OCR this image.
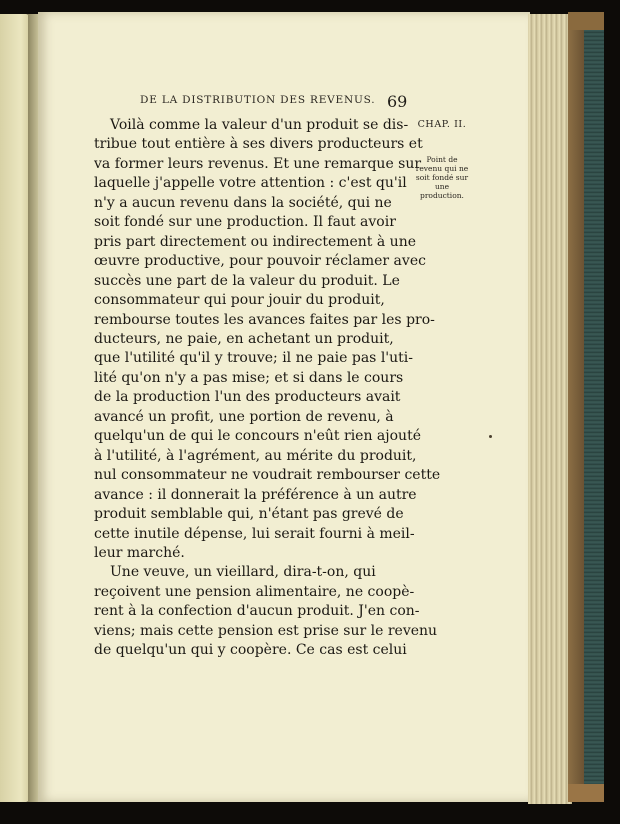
DE LA DISTRIBUTION DES REVENUS. 69
Voilà comme la valeur d'un produit se dis-
tribue tout entière à ses divers producteurs et
va former leurs revenus. Et une remarque sur
laquelle j'appelle votre attention : c'est qu'il
n'y a aucun revenu dans la société, qui ne
soit fondé sur une production. Il faut avoir
pris part directement ou indirectement à une
œuvre productive, pour pouvoir réclamer avec
succès une part de la valeur du produit. Le
consommateur qui pour jouir du produit,
rembourse toutes les avances faites par les pro-
ducteurs, ne paie, en achetant un produit,
que l'utilité qu'il y trouve; il ne paie pas l'uti-
lité qu'on n'y a pas mise; et si dans le cours
de la production l'un des producteurs avait
avancé un profit, une portion de revenu, à
quelqu'un de qui le concours n'eût rien ajouté
à l'utilité, à l'agrément, au mérite du produit,
nul consommateur ne voudrait rembourser cette
avance : il donnerait la préférence à un autre
produit semblable qui, n'étant pas grevé de
cette inutile dépense, lui serait fourni à meil-
leur marché.
Une veuve, un vieillard, dira-t-on, qui
reçoivent une pension alimentaire, ne coopè-
rent à la confection d'aucun produit. J'en con-
viens; mais cette pension est prise sur le revenu
de quelqu'un qui y coopère. Ce cas est celui
CHAP. II.
Point de
revenu qui ne
soit fondé sur
une
production.
